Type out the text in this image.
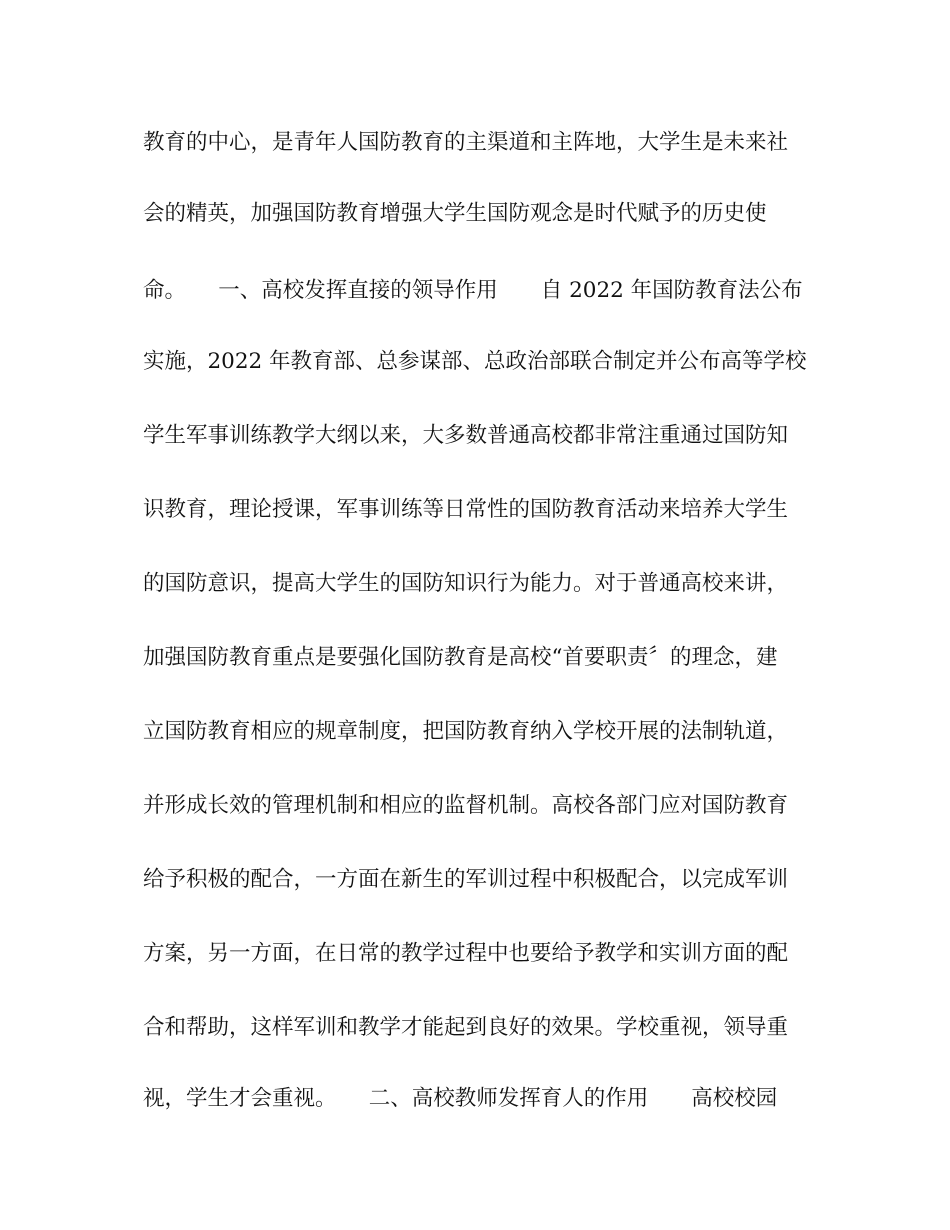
教育的中心，是青年人国防教育的主渠道和主阵地，大学生是未来社
会的精英，加强国防教育增强大学生国防观念是时代赋予的历史使
命。　　一、高校发挥直接的领导作用　　自 2022 年国防教育法公布
实施，2022 年教育部、总参谋部、总政治部联合制定并公布高等学校
学生军事训练教学大纲以来，大多数普通高校都非常注重通过国防知
识教育，理论授课，军事训练等日常性的国防教育活动来培养大学生
的国防意识，提高大学生的国防知识行为能力。对于普通高校来讲，
加强国防教育重点是要强化国防教育是高校“首要职责〞的理念，建
立国防教育相应的规章制度，把国防教育纳入学校开展的法制轨道，
并形成长效的管理机制和相应的监督机制。高校各部门应对国防教育
给予积极的配合，一方面在新生的军训过程中积极配合，以完成军训
方案，另一方面，在日常的教学过程中也要给予教学和实训方面的配
合和帮助，这样军训和教学才能起到良好的效果。学校重视，领导重
视，学生才会重视。　　二、高校教师发挥育人的作用　　高校校园
